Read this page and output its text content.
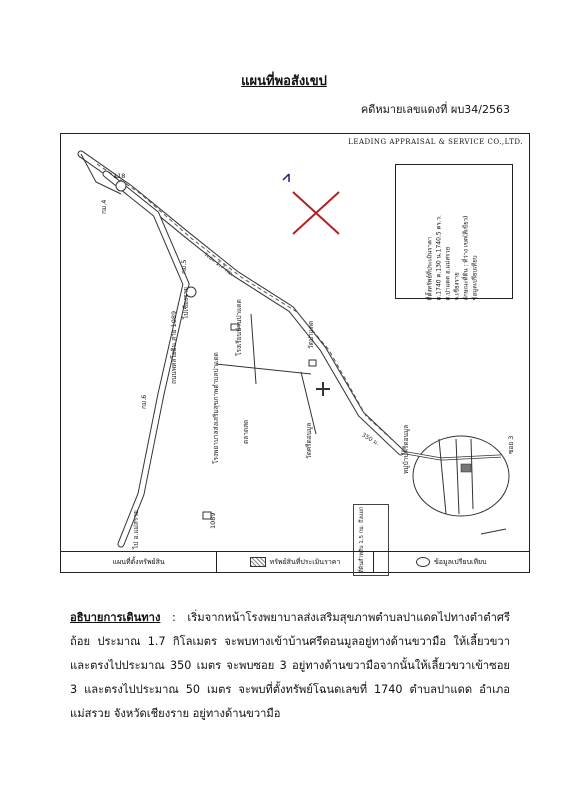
แผนที่พอสังเขป
คดีหมายเลขแดงที่ ผบ34/2563
LEADING APPRAISAL & SERVICE CO.,LTD.
ที่ตั้งทรัพย์ที่ประเมินราคา ต.1740 ต.130 น.1740.5 ตร.ว. ต.ปาแดด อ.แม่สรวย จ.เชียงราย ลักษณะที่ดิน : ที่ว่าง เขต(สีเขียว) ข้อมูลเปรียบเทียบ
กม.4
กม.5
กม.6
ไปเชียงราย
ถนนพหลโยธิน สาย 1089
ไป อ.แม่สรวย
โรงเรียนบ้านปาแดด	วัดปาแดด
โรงพยาบาลส่งเสริมสุขภาพตำบลปาแดด	ตลาดสด	วัดศรีดอนมูล	หมู่บ้านศรีดอนมูล	ซอย 3
1089
118
ระยะ 1.7 กม.
350 ม.
ที่ดินสำหรับ 1.5 กม. ถึงแยก
แผนที่ตั้งทรัพย์สิน	ทรัพย์สินที่ประเมินราคา	ข้อมูลเปรียบเทียบ
อธิบายการเดินทาง : เริ่มจากหน้าโรงพยาบาลส่งเสริมสุขภาพตำบลปาแดดไปทางตำตำศรีถ้อย ประมาณ 1.7 กิโลเมตร จะพบทางเข้าบ้านศรีดอนมูลอยู่ทางด้านขวามือ ให้เลี้ยวขวาและตรงไปประมาณ 350 เมตร จะพบซอย 3 อยู่ทางด้านขวามือจากนั้นให้เลี้ยวขวาเข้าซอย 3 และตรงไปประมาณ 50 เมตร จะพบที่ตั้งทรัพย์โฉนดเลขที่ 1740 ตำบลปาแดด อำเภอแม่สรวย จังหวัดเชียงราย อยู่ทางด้านขวามือ
